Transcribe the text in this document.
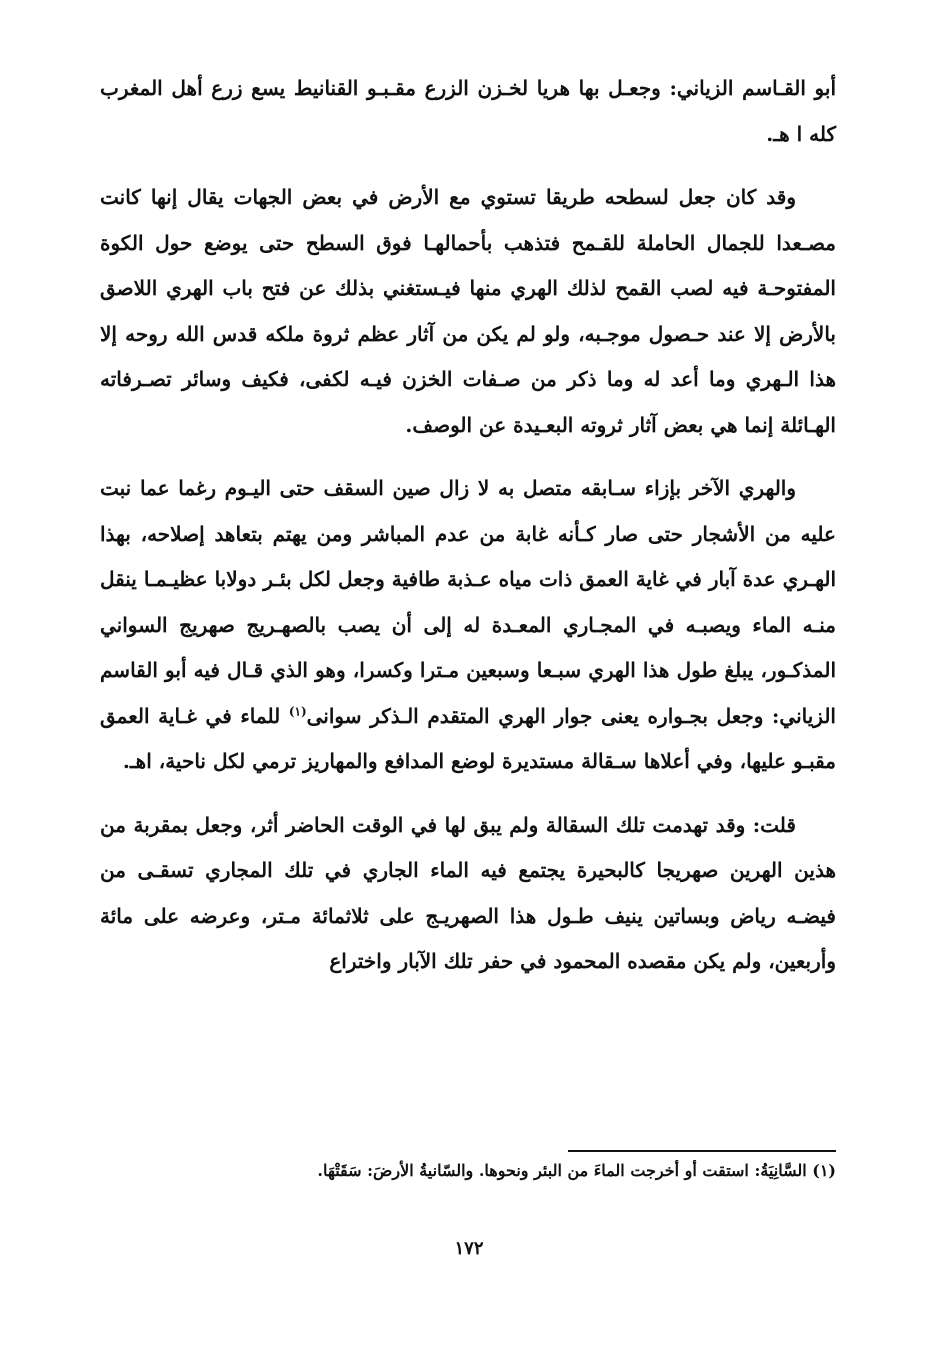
أبو القـاسم الزياني: وجعـل بها هريا لخـزن الزرع مقـبـو القنانيط يسع زرع أهل المغرب كله ا هـ.

وقد كان جعل لسطحه طريقا تستوي مع الأرض في بعض الجهات يقال إنها كانت مصـعدا للجمال الحاملة للقـمح فتذهب بأحمالهـا فوق السطح حتى يوضع حول الكوة المفتوحـة فيه لصب القمح لذلك الهري منها فيـستغني بذلك عن فتح باب الهري اللاصق بالأرض إلا عند حـصول موجـبه، ولو لم يكن من آثار عظم ثروة ملكه قدس الله روحه إلا هذا الـهري وما أعد له وما ذكر من صـفات الخزن فيـه لكفى، فكيف وسائر تصـرفاته الهـائلة إنما هي بعض آثار ثروته البعـيدة عن الوصف.

والهري الآخر بإزاء سـابقه متصل به لا زال صين السقف حتى اليـوم رغما عما نبت عليه من الأشجار حتى صار كـأنه غابة من عدم المباشر ومن يهتم بتعاهد إصلاحه، بهذا الهـري عدة آبار في غاية العمق ذات مياه عـذبة طافية وجعل لكل بئـر دولابا عظيـمـا ينقل منـه الماء ويصبـه في المجـاري المعـدة له إلى أن يصب بالصهـريج صهريج السواني المذكـور، يبلغ طول هذا الهري سبـعا وسبعين مـترا وكسرا، وهو الذي قـال فيه أبو القاسم الزياني: وجعل بجـواره يعنى جوار الهري المتقدم الـذكر سوانى$^{(١)}$ للماء في غـاية العمق مقبـو عليها، وفي أعلاها سـقالة مستديرة لوضع المدافع والمهاريز ترمي لكل ناحية، اهـ.

قلت: وقد تهدمت تلك السقالة ولم يبق لها في الوقت الحاضر أثر، وجعل بمقربة من هذين الهرين صهريجا كالبحيرة يجتمع فيه الماء الجاري في تلك المجاري تسقـى من فيضـه رياض وبساتين ينيف طـول هذا الصهريـج على ثلاثمائة مـتر، وعرضه على مائة وأربعين، ولم يكن مقصده المحمود في حفر تلك الآبار واختراع

(١) السَّانِيَةُ: استقت أو أخرجت الماءَ من البئر ونحوها. والسّانيةُ الأرضَ: سَقَتْهَا.

١٧٢
